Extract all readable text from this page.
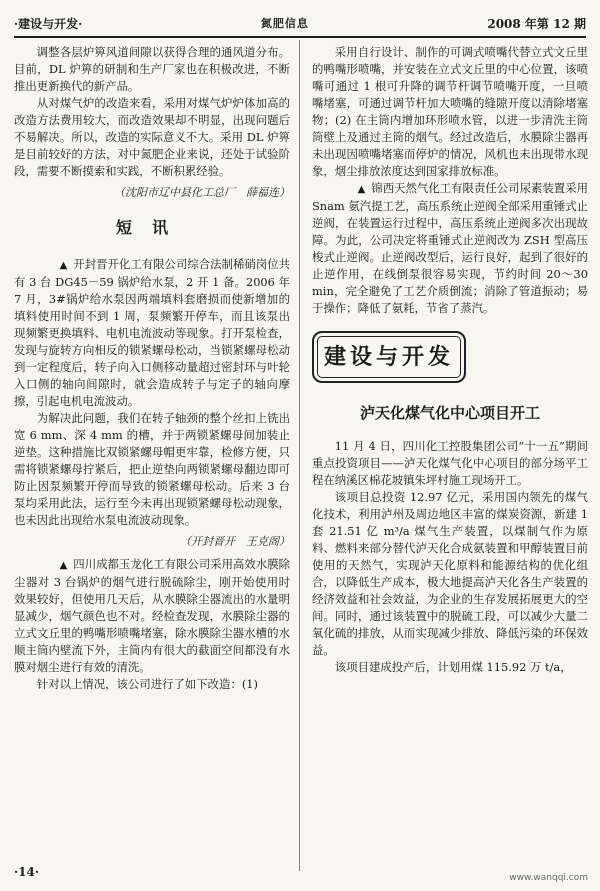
·建设与开发·	氮肥信息	2008 年第 12 期

调整各层炉箅风道间隙以获得合理的通风道分布。目前，DL 炉箅的研制和生产厂家也在积极改进，不断推出更新换代的新产品。

从对煤气炉的改造来看，采用对煤气炉炉体加高的改造方法费用较大，而改造效果却不明显，出现问题后不易解决。所以，改造的实际意义不大。采用 DL 炉箅是目前较好的方法，对中氮肥企业来说，还处于试验阶段，需要不断摸索和实践，不断积累经验。

（沈阳市辽中县化工总厂　薛福连）

短讯

▲ 开封晋开化工有限公司综合法制稀硝岗位共有 3 台 DG45－59 锅炉给水泵，2 开 1 备。2006 年 7 月，3#锅炉给水泵因两端填料套磨损而使新增加的填料使用时间不到 1 周，泵频繁开停车，而且该泵出现频繁更换填料、电机电流波动等现象。打开泵检查，发现与旋转方向相反的锁紧螺母松动，当锁紧螺母松动到一定程度后，转子向入口侧移动量超过密封环与叶轮入口侧的轴向间隙时，就会造成转子与定子的轴向摩擦，引起电机电流波动。

为解决此问题，我们在转子轴颈的整个丝扣上铣出宽 6 mm、深 4 mm 的槽，并于两锁紧螺母间加装止逆垫。这种措施比双锁紧螺母帽更牢靠，检修方便，只需将锁紧螺母拧紧后，把止逆垫向两锁紧螺母翻边即可防止因泵频繁开停而导致的锁紧螺母松动。后来 3 台泵均采用此法，运行至今未再出现锁紧螺母松动现象，也未因此出现给水泵电流波动现象。

（开封晋开　王克阁）

▲ 四川成都玉龙化工有限公司采用高效水膜除尘器对 3 台锅炉的烟气进行脱硫除尘，刚开始使用时效果较好，但使用几天后，从水膜除尘器流出的水量明显减少，烟气颜色也不对。经检查发现，水膜除尘器的立式文丘里的鸭嘴形喷嘴堵塞，除水膜除尘器水槽的水顺主筒内壁流下外，主筒内有很大的截面空间都没有水膜对烟尘进行有效的清洗。

针对以上情况，该公司进行了如下改造：(1)

采用自行设计、制作的可调式喷嘴代替立式文丘里的鸭嘴形喷嘴，并安装在立式文丘里的中心位置，该喷嘴可通过 1 根可升降的调节杆调节喷嘴开度，一旦喷嘴堵塞，可通过调节杆加大喷嘴的缝隙开度以清除堵塞物；(2) 在主筒内增加环形喷水管，以进一步清洗主筒筒壁上及通过主筒的烟气。经过改造后，水膜除尘器再未出现因喷嘴堵塞而停炉的情况，风机也未出现带水现象，烟尘排放浓度达到国家排放标准。

▲ 锦西天然气化工有限责任公司尿素装置采用 Snam 氨汽提工艺，高压系统止逆阀全部采用重锤式止逆阀，在装置运行过程中，高压系统止逆阀多次出现故障。为此，公司决定将重锤式止逆阀改为 ZSH 型高压梭式止逆阀。止逆阀改型后，运行良好，起到了很好的止逆作用，在线倒泵很容易实现，节约时间 20～30 min，完全避免了工艺介质倒流；消除了管道振动；易于操作；降低了氨耗，节省了蒸汽。

建设与开发
泸天化煤气化中心项目开工

11 月 4 日，四川化工控股集团公司“十一五”期间重点投资项目——泸天化煤气化中心项目的部分场平工程在纳溪区棉花坡镇朱坪村施工现场开工。

该项目总投资 12.97 亿元，采用国内领先的煤气化技术，利用泸州及周边地区丰富的煤炭资源，新建 1 套 21.51 亿 m³/a 煤气生产装置，以煤制气作为原料、燃料来部分替代泸天化合成氨装置和甲醇装置目前使用的天然气，实现泸天化原料和能源结构的优化组合，以降低生产成本，极大地提高泸天化各生产装置的经济效益和社会效益，为企业的生存发展拓展更大的空间。同时，通过该装置中的脱硫工段，可以减少大量二氧化硫的排放，从而实现减少排放、降低污染的环保效益。

该项目建成投产后，计划用煤 115.92 万 t/a，

·14·	www.wanqqi.com
